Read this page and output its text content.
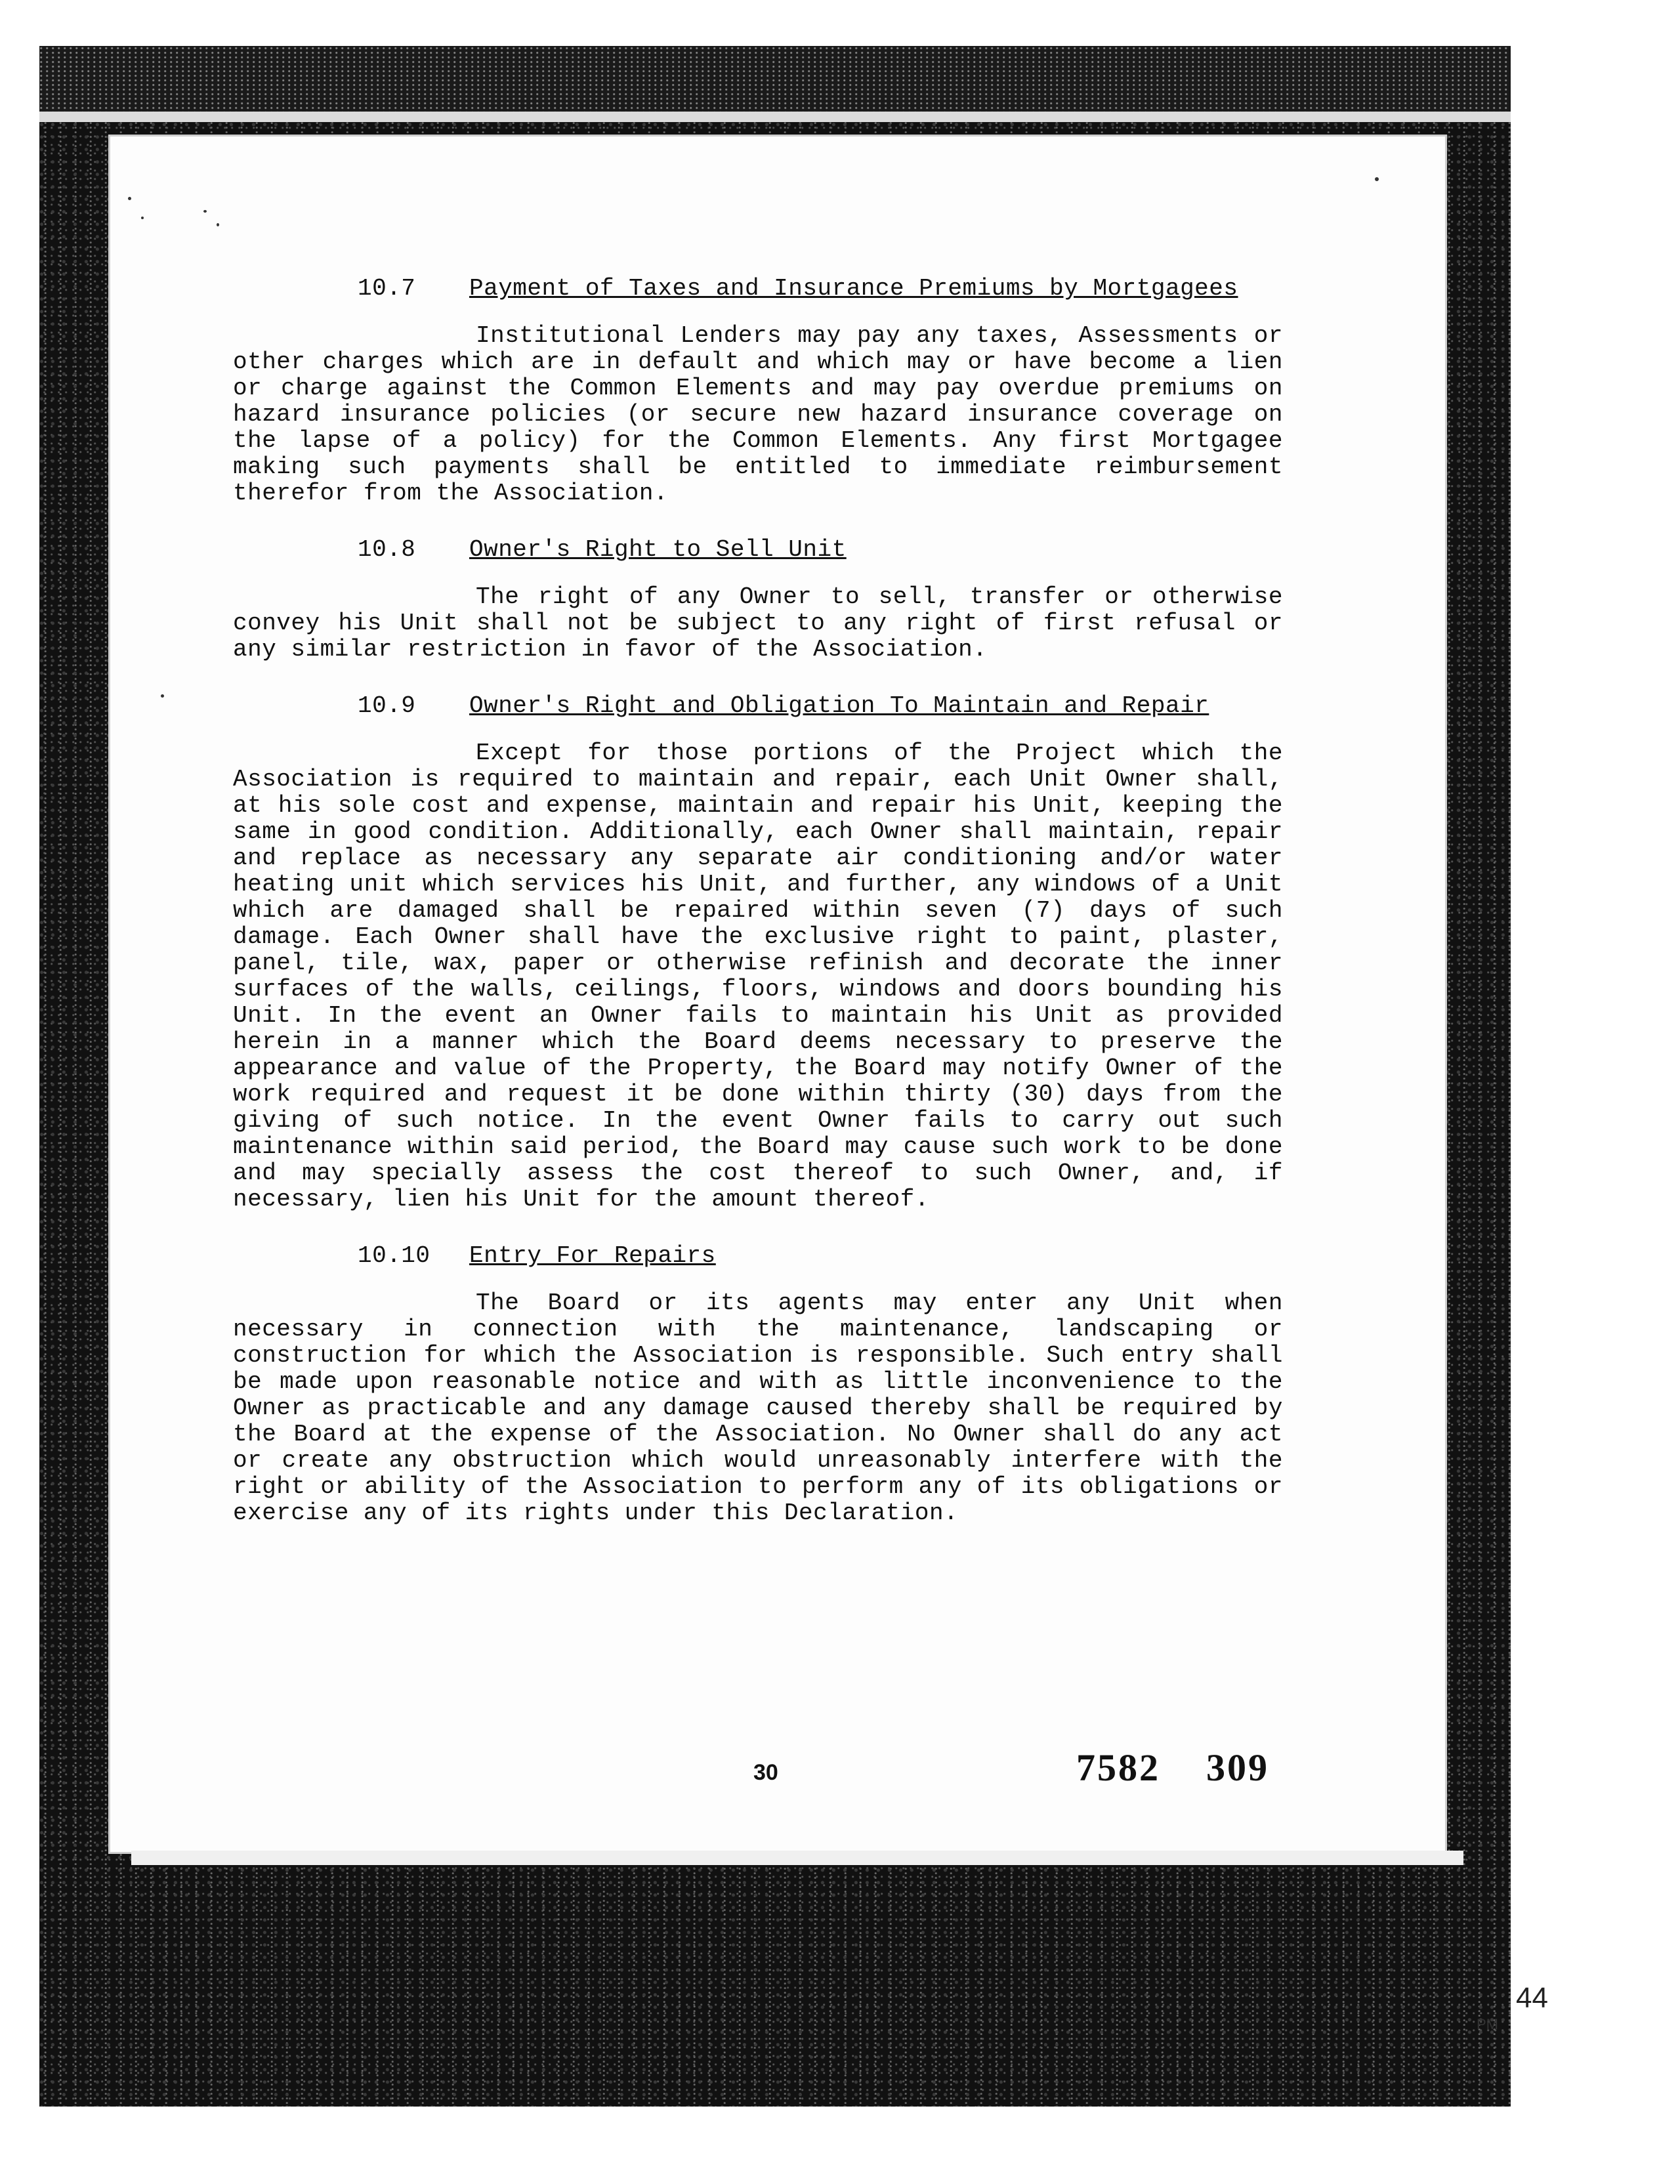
10.7 Payment of Taxes and Insurance Premiums by Mortgagees

Institutional Lenders may pay any taxes, Assessments or other charges which are in default and which may or have become a lien or charge against the Common Elements and may pay overdue premiums on hazard insurance policies (or secure new hazard insurance coverage on the lapse of a policy) for the Common Elements. Any first Mortgagee making such payments shall be entitled to immediate reimbursement therefor from the Association.

10.8	Owner's Right to Sell Unit

The right of any Owner to sell, transfer or otherwise convey his Unit shall not be subject to any right of first refusal or any similar restriction in favor of the Association.

10.9 Owner's Right and Obligation To Maintain and Repair

Except for those portions of the Project which the Association is required to maintain and repair, each Unit Owner shall, at his sole cost and expense, maintain and repair his Unit, keeping the same in good condition. Additionally, each Owner shall maintain, repair and replace as necessary any separate air conditioning and/or water heating unit which services his Unit, and further, any windows of a Unit which are damaged shall be repaired within seven (7) days of such damage. Each Owner shall have the exclusive right to paint, plaster, panel, tile, wax, paper or otherwise refinish and decorate the inner surfaces of the walls, ceilings, floors, windows and doors bounding his Unit. In the event an Owner fails to maintain his Unit as provided herein in a manner which the Board deems necessary to preserve the appearance and value of the Property, the Board may notify Owner of the work required and request it be done within thirty (30) days from the giving of such notice. In the event Owner fails to carry out such maintenance within said period, the Board may cause such work to be done and may specially assess the cost thereof to such Owner, and, if necessary, lien his Unit for the amount thereof.

10.10	Entry For Repairs

The Board or its agents may enter any Unit when necessary in connection with the maintenance, landscaping or construction for which the Association is responsible. Such entry shall be made upon reasonable notice and with as little inconvenience to the Owner as practicable and any damage caused thereby shall be required by the Board at the expense of the Association. No Owner shall do any act or create any obstruction which would unreasonably interfere with the right or ability of the Association to perform any of its obligations or exercise any of its rights under this Declaration.

30	7582 309
44
PM
